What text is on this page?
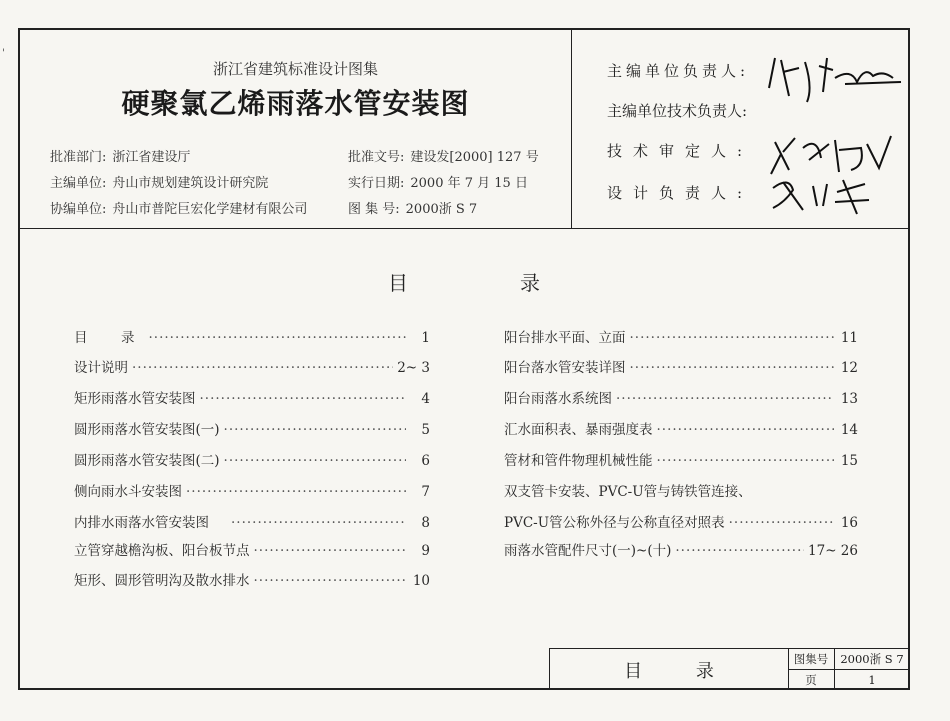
'
浙江省建筑标准设计图集
硬聚氯乙烯雨落水管安装图
批准部门: 浙江省建设厅
主编单位: 舟山市规划建筑设计研究院
协编单位: 舟山市普陀巨宏化学建材有限公司
批准文号: 建设发[2000] 127 号
实行日期: 2000 年 7 月 15 日
图 集 号: 2000浙 S 7
主编单位负责人:
主编单位技术负责人:
技术审定人:
设计负责人:
目　录
目　录 ·····	1
设计说明 ·····	2~ 3
矩形雨落水管安装图 ·····	4
圆形雨落水管安装图(一) ·····	5
圆形雨落水管安装图(二) ·····	6
侧向雨水斗安装图 ·····	7
内排水雨落水管安装图 ·····	8
立管穿越檐沟板、阳台板节点 ·····	9
矩形、圆形管明沟及散水排水 ·····	10
阳台排水平面、立面 ·····	11
阳台落水管安装详图 ·····	12
阳台雨落水系统图 ·····	13
汇水面积表、暴雨强度表 ·····	14
管材和管件物理机械性能 ·····	15
双支管卡安装、PVC-U管与铸铁管连接、
PVC-U管公称外径与公称直径对照表 ·····	16
雨落水管配件尺寸(一)~(十) ·····	17~ 26
目 录
图集号	2000浙 S 7
页	1
